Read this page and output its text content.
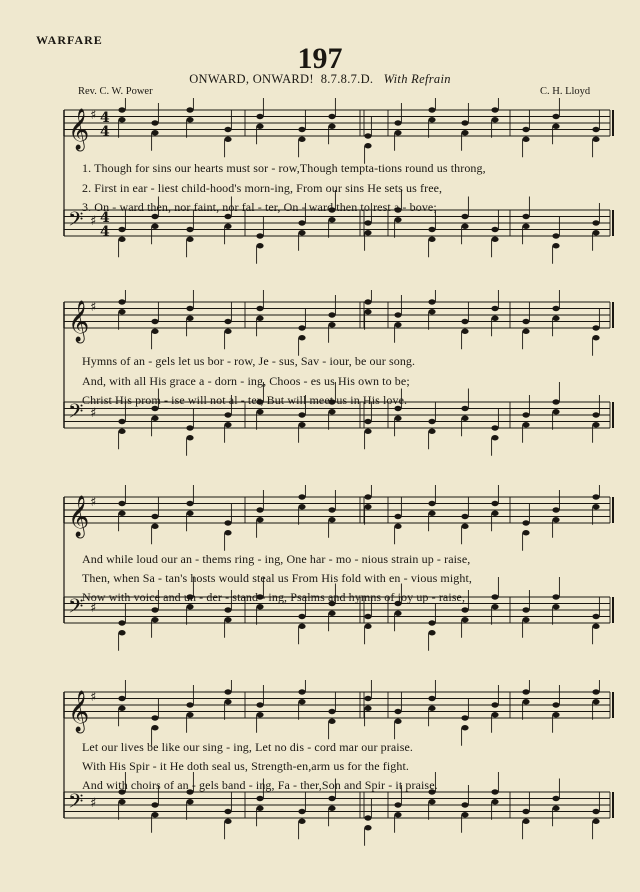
WARFARE
197
ONWARD, ONWARD! 8.7.8.7.D. With Refrain
Rev. C. W. Power	C. H. Lloyd
𝄞 ♯ 4
4
𝄢 ♯ 4
4
1. Though for sins our hearts must sor - row,Though tempta-tions round us throng,
2. First in ear - liest child-hood's morn-ing, From our sins He sets us free,
3. On - ward then, nor faint, nor fal - ter, On - ward then to rest a - bove;
𝄞 ♯
𝄢 ♯
Hymns of an - gels let us bor - row, Je - sus, Sav - iour, be our song.
And, with all His grace a - dorn - ing, Choos - es us His own to be;
Christ His prom - ise will not al - ter, But will meet us in His love.
𝄞 ♯
𝄢 ♯
And while loud our an - thems ring - ing, One har - mo - nious strain up - raise,
Then, when Sa - tan's hosts would steal us From His fold with en - vious might,
Now with voice and un - der - stand - ing, Psalms and hymns of joy up - raise,
𝄞 ♯
𝄢 ♯
Let our lives be like our sing - ing, Let no dis - cord mar our praise.
With His Spir - it He doth seal us, Strength-en,arm us for the fight.
And with choirs of an - gels band - ing, Fa - ther,Son and Spir - it praise.
